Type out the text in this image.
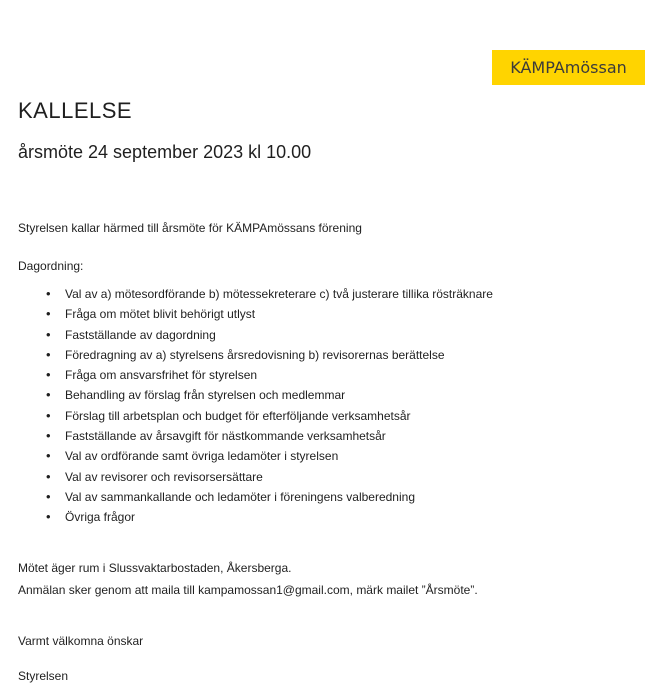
KÄMPAmössan
KALLELSE
årsmöte 24 september 2023 kl 10.00

Styrelsen kallar härmed till årsmöte för KÄMPAmössans förening

Dagordning:

• Val av a) mötesordförande b) mötessekreterare c) två justerare tillika rösträknare
• Fråga om mötet blivit behörigt utlyst
• Fastställande av dagordning
• Föredragning av a) styrelsens årsredovisning b) revisorernas berättelse
• Fråga om ansvarsfrihet för styrelsen
• Behandling av förslag från styrelsen och medlemmar
• Förslag till arbetsplan och budget för efterföljande verksamhetsår
• Fastställande av årsavgift för nästkommande verksamhetsår
• Val av ordförande samt övriga ledamöter i styrelsen
• Val av revisorer och revisorsersättare
• Val av sammankallande och ledamöter i föreningens valberedning
• Övriga frågor

Mötet äger rum i Slussvaktarbostaden, Åkersberga.
Anmälan sker genom att maila till kampamossan1@gmail.com, märk mailet ”Årsmöte”.

Varmt välkomna önskar

Styrelsen
